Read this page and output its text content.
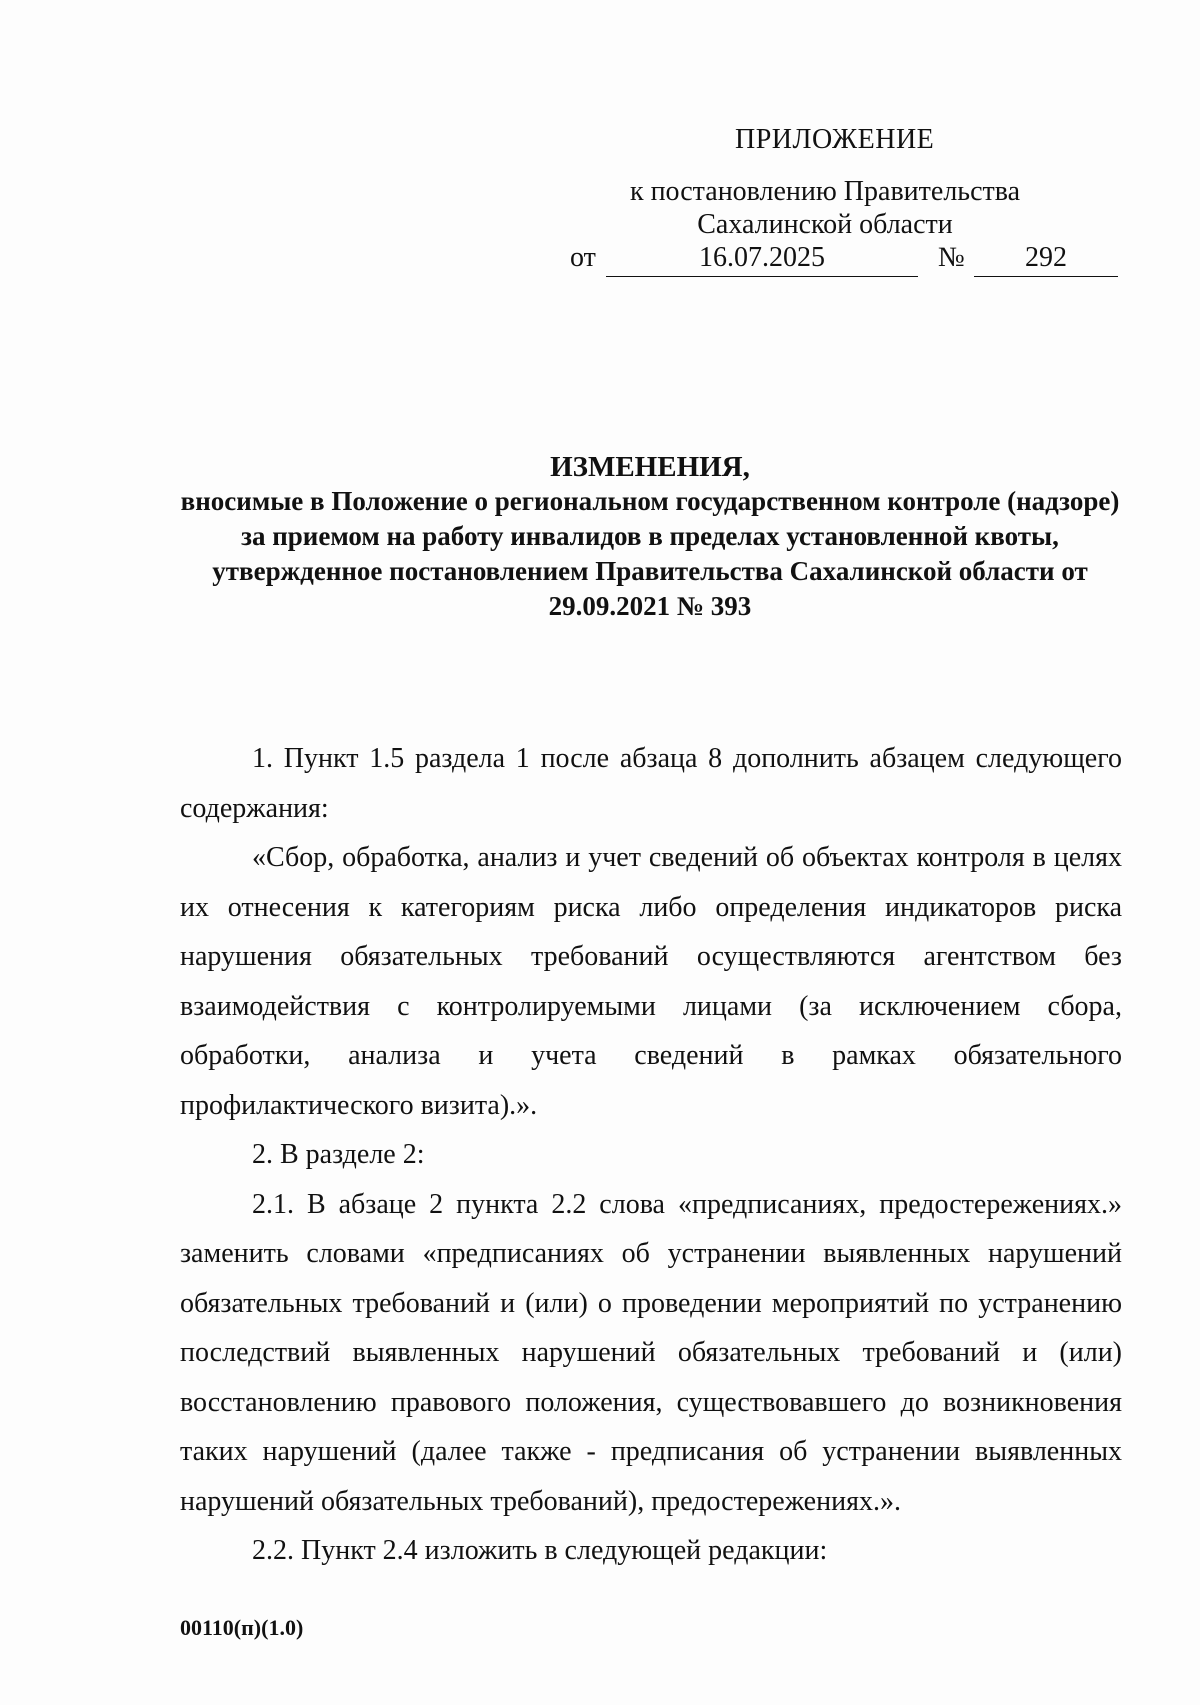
ПРИЛОЖЕНИЕ
к постановлению Правительства
Сахалинской области
от	16.07.2025	№	292
ИЗМЕНЕНИЯ,
вносимые в Положение о региональном государственном контроле (надзоре) за приемом на работу инвалидов в пределах установленной квоты, утвержденное постановлением Правительства Сахалинской области от 29.09.2021 № 393

1. Пункт 1.5 раздела 1 после абзаца 8 дополнить абзацем следующего содержания:

«Сбор, обработка, анализ и учет сведений об объектах контроля в целях их отнесения к категориям риска либо определения индикаторов риска нарушения обязательных требований осуществляются агентством без взаимодействия с контролируемыми лицами (за исключением сбора, обработки, анализа и учета сведений в рамках обязательного профилактического визита).».

2. В разделе 2:

2.1. В абзаце 2 пункта 2.2 слова «предписаниях, предостережениях.» заменить словами «предписаниях об устранении выявленных нарушений обязательных требований и (или) о проведении мероприятий по устранению последствий выявленных нарушений обязательных требований и (или) восстановлению правового положения, существовавшего до возникновения таких нарушений (далее также - предписания об устранении выявленных нарушений обязательных требований), предостережениях.».

2.2. Пункт 2.4 изложить в следующей редакции:

00110(п)(1.0)
